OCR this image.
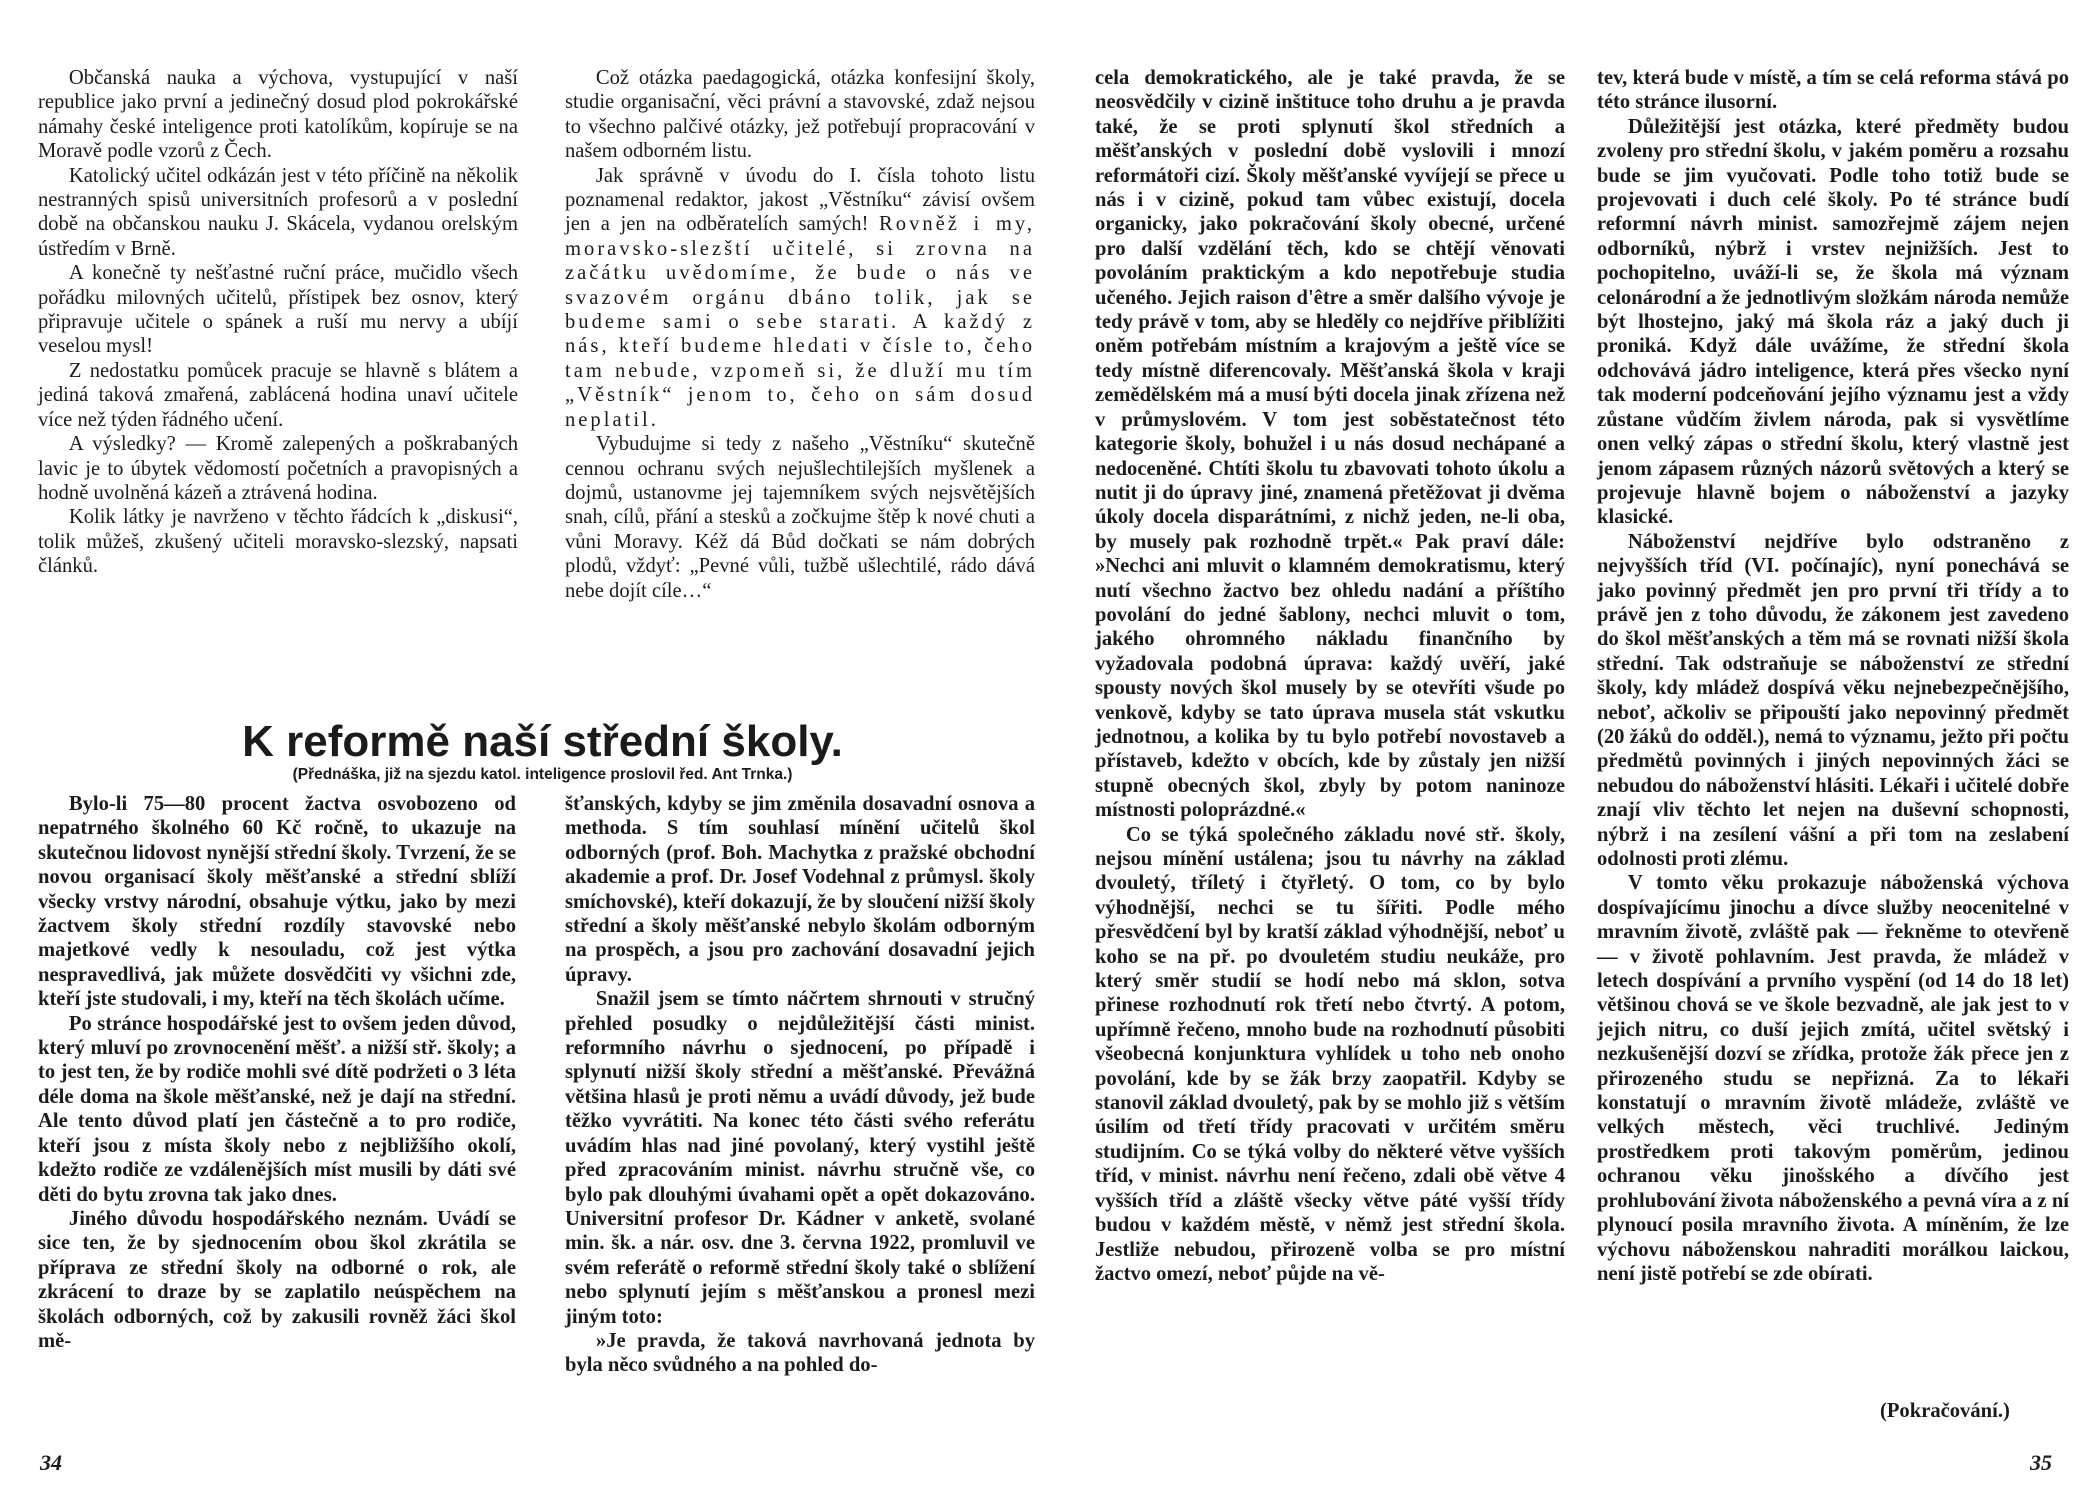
Občanská nauka a výchova, vystupující v naší republice jako první a jedinečný dosud plod pokrokářské námahy české inteligence proti katolíkům, kopíruje se na Moravě podle vzorů z Čech.

Katolický učitel odkázán jest v této příčině na několik nestranných spisů universitních profesorů a v poslední době na občanskou nauku J. Skácela, vydanou orelským ústředím v Brně.

A konečně ty nešťastné ruční práce, mučidlo všech pořádku milovných učitelů, přístipek bez osnov, který připravuje učitele o spánek a ruší mu nervy a ubíjí veselou mysl!

Z nedostatku pomůcek pracuje se hlavně s blátem a jediná taková zmařená, zablácená hodina unaví učitele více než týden řádného učení.

A výsledky? — Kromě zalepených a poškrabaných lavic je to úbytek vědomostí početních a pravopisných a hodně uvolněná kázeň a ztrávená hodina.

Kolik látky je navrženo v těchto řádcích k „diskusi“, tolik můžeš, zkušený učiteli moravsko-slezský, napsati článků.

Což otázka paedagogická, otázka konfesijní školy, studie organisační, věci právní a stavovské, zdaž nejsou to všechno palčivé otázky, jež potřebují propracování v našem odborném listu.

Jak správně v úvodu do I. čísla tohoto listu poznamenal redaktor, jakost „Věstníku“ závisí ovšem jen a jen na odběratelích samých! Rovněž i my, moravsko-slezští učitelé, si zrovna na začátku uvědomíme, že bude o nás ve svazovém orgánu dbáno tolik, jak se budeme sami o sebe starati. A každý z nás, kteří budeme hledati v čísle to, čeho tam nebude, vzpomeň si, že dluží mu tím „Věstník“ jenom to, čeho on sám dosud neplatil.

Vybudujme si tedy z našeho „Věstníku“ skutečně cennou ochranu svých nejušlechtilejších myšlenek a dojmů, ustanovme jej tajemníkem svých nejsvětějších snah, cílů, přání a stesků a zočkujme štěp k nové chuti a vůni Moravy. Kéž dá Bůd dočkati se nám dobrých plodů, vždyť: „Pevné vůli, tužbě ušlechtilé, rádo dává nebe dojít cíle…“

K reformě naší střední školy.
(Přednáška, již na sjezdu katol. inteligence proslovil řed. Ant Trnka.)

Bylo-li 75—80 procent žactva osvobozeno od nepatrného školného 60 Kč ročně, to ukazuje na skutečnou lidovost nynější střední školy. Tvrzení, že se novou organisací školy měšťanské a střední sblíží všecky vrstvy národní, obsahuje výtku, jako by mezi žactvem školy střední rozdíly stavovské nebo majetkové vedly k nesouladu, což jest výtka nespravedlivá, jak můžete dosvědčiti vy všichni zde, kteří jste studovali, i my, kteří na těch školách učíme.

Po stránce hospodářské jest to ovšem jeden důvod, který mluví po zrovnocenění měšť. a nižší stř. školy; a to jest ten, že by rodiče mohli své dítě podržeti o 3 léta déle doma na škole měšťanské, než je dají na střední. Ale tento důvod platí jen částečně a to pro rodiče, kteří jsou z místa školy nebo z nejbližšího okolí, kdežto rodiče ze vzdálenějších míst musili by dáti své děti do bytu zrovna tak jako dnes.

Jiného důvodu hospodářského neznám. Uvádí se sice ten, že by sjednocením obou škol zkrátila se příprava ze střední školy na odborné o rok, ale zkrácení to draze by se zaplatilo neúspěchem na školách odborných, což by zakusili rovněž žáci škol mě-

šťanských, kdyby se jim změnila dosavadní osnova a methoda. S tím souhlasí mínění učitelů škol odborných (prof. Boh. Machytka z pražské obchodní akademie a prof. Dr. Josef Vodehnal z průmysl. školy smíchovské), kteří dokazují, že by sloučení nižší školy střední a školy měšťanské nebylo školám odborným na prospěch, a jsou pro zachování dosavadní jejich úpravy.

Snažil jsem se tímto náčrtem shrnouti v stručný přehled posudky o nejdůležitější části minist. reformního návrhu o sjednocení, po případě i splynutí nižší školy střední a měšťanské. Převážná většina hlasů je proti němu a uvádí důvody, jež bude těžko vyvrátiti. Na konec této části svého referátu uvádím hlas nad jiné povolaný, který vystihl ještě před zpracováním minist. návrhu stručně vše, co bylo pak dlouhými úvahami opět a opět dokazováno. Universitní profesor Dr. Kádner v anketě, svolané min. šk. a nár. osv. dne 3. června 1922, promluvil ve svém referátě o reformě střední školy také o sblížení nebo splynutí jejím s měšťanskou a pronesl mezi jiným toto:

»Je pravda, že taková navrhovaná jednota by byla něco svůdného a na pohled do-

34

cela demokratického, ale je také pravda, že se neosvědčily v cizině inštituce toho druhu a je pravda také, že se proti splynutí škol středních a měšťanských v poslední době vyslovili i mnozí reformátoři cizí. Školy měšťanské vyvíjejí se přece u nás i v cizině, pokud tam vůbec existují, docela organicky, jako pokračování školy obecné, určené pro další vzdělání těch, kdo se chtějí věnovati povoláním praktickým a kdo nepotřebuje studia učeného. Jejich raison d'être a směr dalšího vývoje je tedy právě v tom, aby se hleděly co nejdříve přiblížiti oněm potřebám místním a krajovým a ještě více se tedy místně diferencovaly. Měšťanská škola v kraji zemědělském má a musí býti docela jinak zřízena než v průmyslovém. V tom jest soběstatečnost této kategorie školy, bohužel i u nás dosud nechápané a nedoceněné. Chtíti školu tu zbavovati tohoto úkolu a nutit ji do úpravy jiné, znamená přetěžovat ji dvěma úkoly docela disparátními, z nichž jeden, ne-li oba, by musely pak rozhodně trpět.« Pak praví dále: »Nechci ani mluvit o klamném demokratismu, který nutí všechno žactvo bez ohledu nadání a příštího povolání do jedné šablony, nechci mluvit o tom, jakého ohromného nákladu finančního by vyžadovala podobná úprava: každý uvěří, jaké spousty nových škol musely by se otevříti všude po venkově, kdyby se tato úprava musela stát vskutku jednotnou, a kolika by tu bylo potřebí novostaveb a přístaveb, kdežto v obcích, kde by zůstaly jen nižší stupně obecných škol, zbyly by potom naninoze místnosti poloprázdné.«

Co se týká společného základu nové stř. školy, nejsou mínění ustálena; jsou tu návrhy na základ dvouletý, tříletý i čtyřletý. O tom, co by bylo výhodnější, nechci se tu šířiti. Podle mého přesvědčení byl by kratší základ výhodnější, neboť u koho se na př. po dvouletém studiu neukáže, pro který směr studií se hodí nebo má sklon, sotva přinese rozhodnutí rok třetí nebo čtvrtý. A potom, upřímně řečeno, mnoho bude na rozhodnutí působiti všeobecná konjunktura vyhlídek u toho neb onoho povolání, kde by se žák brzy zaopatřil. Kdyby se stanovil základ dvouletý, pak by se mohlo již s větším úsilím od třetí třídy pracovati v určitém směru studijním. Co se týká volby do některé větve vyšších tříd, v minist. návrhu není řečeno, zdali obě větve 4 vyšších tříd a zláště všecky větve páté vyšší třídy budou v každém městě, v němž jest střední škola. Jestliže nebudou, přirozeně volba se pro místní žactvo omezí, neboť půjde na vě-

tev, která bude v místě, a tím se celá reforma stává po této stránce ilusorní.

Důležitější jest otázka, které předměty budou zvoleny pro střední školu, v jakém poměru a rozsahu bude se jim vyučovati. Podle toho totiž bude se projevovati i duch celé školy. Po té stránce budí reformní návrh minist. samozřejmě zájem nejen odborníků, nýbrž i vrstev nejnižších. Jest to pochopitelno, uváží-li se, že škola má význam celonárodní a že jednotlivým složkám národa nemůže být lhostejno, jaký má škola ráz a jaký duch ji proniká. Když dále uvážíme, že střední škola odchovává jádro inteligence, která přes všecko nyní tak moderní podceňování jejího významu jest a vždy zůstane vůdčím živlem národa, pak si vysvětlíme onen velký zápas o střední školu, který vlastně jest jenom zápasem různých názorů světových a který se projevuje hlavně bojem o náboženství a jazyky klasické.

Náboženství nejdříve bylo odstraněno z nejvyšších tříd (VI. počínajíc), nyní ponechává se jako povinný předmět jen pro první tři třídy a to právě jen z toho důvodu, že zákonem jest zavedeno do škol měšťanských a těm má se rovnati nižší škola střední. Tak odstraňuje se náboženství ze střední školy, kdy mládež dospívá věku nejnebezpečnějšího, neboť, ačkoliv se připouští jako nepovinný předmět (20 žáků do odděl.), nemá to významu, ježto při počtu předmětů povinných i jiných nepovinných žáci se nebudou do náboženství hlásiti. Lékaři i učitelé dobře znají vliv těchto let nejen na duševní schopnosti, nýbrž i na zesílení vášní a při tom na zeslabení odolnosti proti zlému.

V tomto věku prokazuje náboženská výchova dospívajícímu jinochu a dívce služby neocenitelné v mravním životě, zvláště pak — řekněme to otevřeně — v životě pohlavním. Jest pravda, že mládež v letech dospívání a prvního vyspění (od 14 do 18 let) většinou chová se ve škole bezvadně, ale jak jest to v jejich nitru, co duší jejich zmítá, učitel světský i nezkušenější dozví se zřídka, protože žák přece jen z přirozeného studu se nepřizná. Za to lékaři konstatují o mravním životě mládeže, zvláště ve velkých městech, věci truchlivé. Jediným prostředkem proti takovým poměrům, jedinou ochranou věku jinošského a dívčího jest prohlubování života náboženského a pevná víra a z ní plynoucí posila mravního života. A míněním, že lze výchovu náboženskou nahraditi morálkou laickou, není jistě potřebí se zde obírati.

(Pokračování.)
35
